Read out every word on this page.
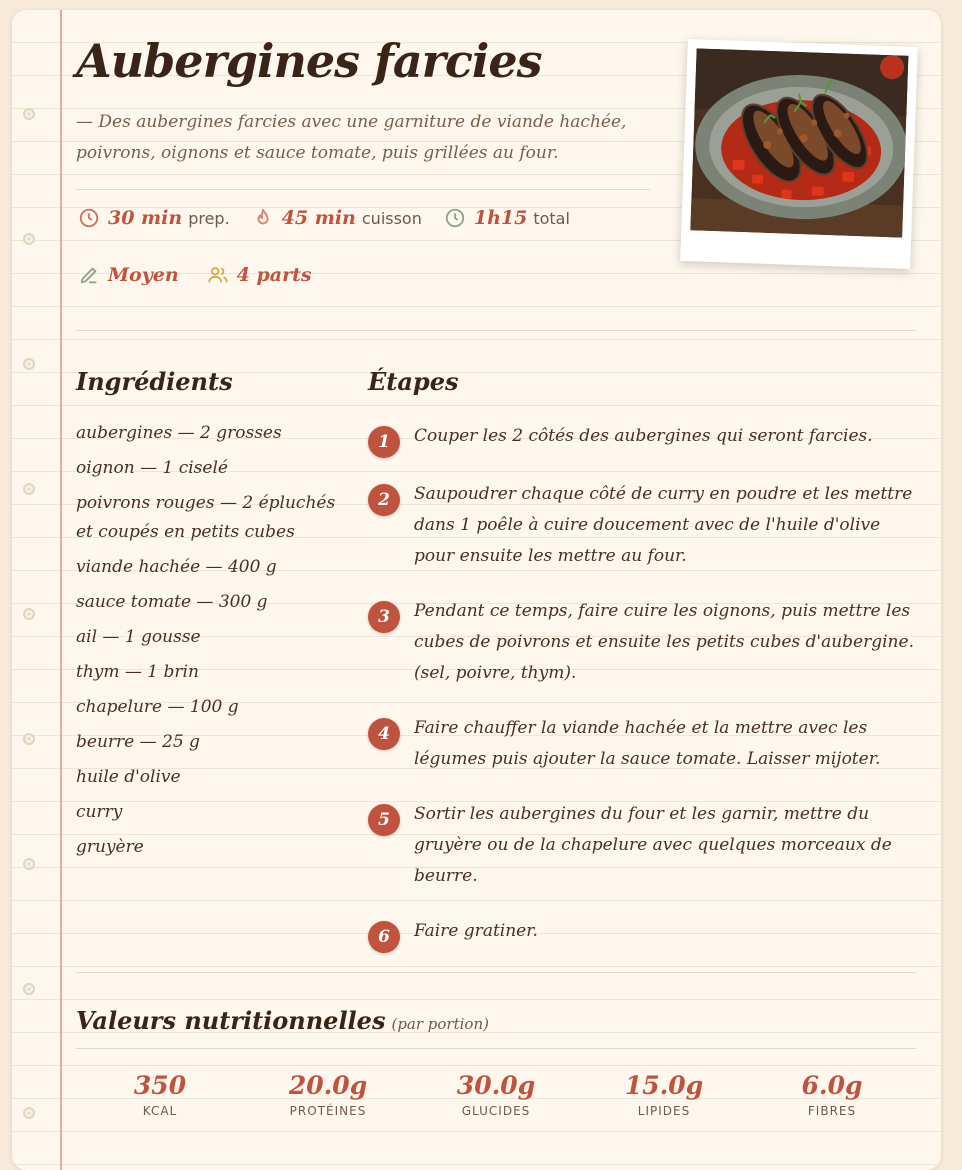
Aubergines farcies

— Des aubergines farcies avec une garniture de viande hachée, poivrons, oignons et sauce tomate, puis grillées au four.

30 min prep.	45 min cuisson	1h15 total
Moyen	4 parts
Ingrédients
aubergines — 2 grosses
oignon — 1 ciselé
poivrons rouges — 2 épluchés et coupés en petits cubes
viande hachée — 400 g
sauce tomate — 300 g
ail — 1 gousse
thym — 1 brin
chapelure — 100 g
beurre — 25 g
huile d'olive
curry
gruyère
Étapes
1	Couper les 2 côtés des aubergines qui seront farcies.
2	Saupoudrer chaque côté de curry en poudre et les mettre dans 1 poêle à cuire doucement avec de l'huile d'olive pour ensuite les mettre au four.
3	Pendant ce temps, faire cuire les oignons, puis mettre les cubes de poivrons et ensuite les petits cubes d'aubergine. (sel, poivre, thym).
4	Faire chauffer la viande hachée et la mettre avec les légumes puis ajouter la sauce tomate. Laisser mijoter.
5	Sortir les aubergines du four et les garnir, mettre du gruyère ou de la chapelure avec quelques morceaux de beurre.
6	Faire gratiner.
Valeurs nutritionnelles (par portion)
350
KCAL
20.0g
PROTÉINES
30.0g
GLUCIDES
15.0g
LIPIDES
6.0g
FIBRES
